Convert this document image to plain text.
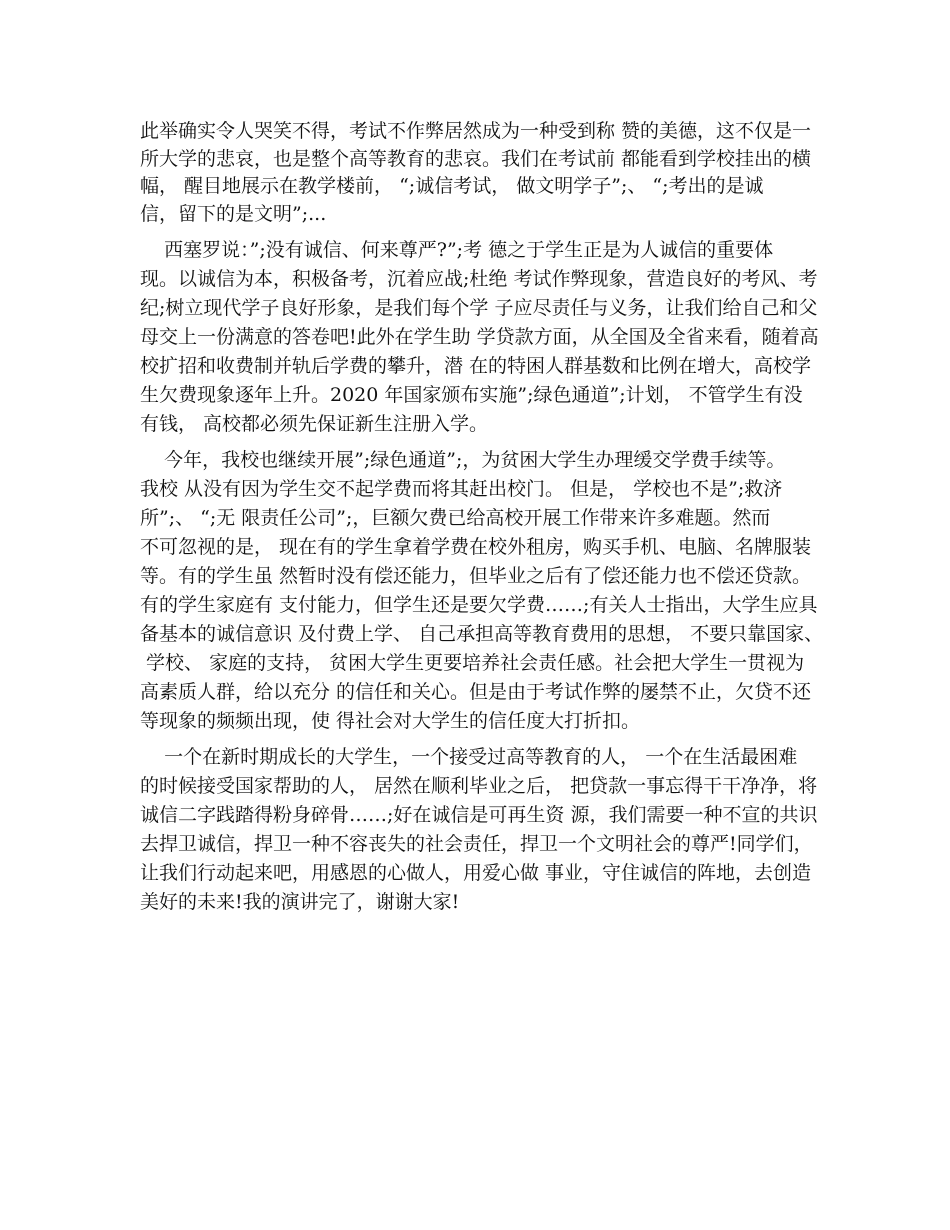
此举确实令人哭笑不得，考试不作弊居然成为一种受到称 赞的美德，这不仅是一
所大学的悲哀，也是整个高等教育的悲哀。我们在考试前 都能看到学校挂出的横
幅， 醒目地展示在教学楼前， “;诚信考试， 做文明学子”;、 “;考出的是诚
信，留下的是文明”;...
西塞罗说：”;没有诚信、何来尊严?”;考 德之于学生正是为人诚信的重要体
现。以诚信为本，积极备考，沉着应战;杜绝 考试作弊现象，营造良好的考风、考
纪;树立现代学子良好形象，是我们每个学 子应尽责任与义务，让我们给自己和父
母交上一份满意的答卷吧!此外在学生助 学贷款方面，从全国及全省来看，随着高
校扩招和收费制并轨后学费的攀升，潜 在的特困人群基数和比例在增大，高校学
生欠费现象逐年上升。2020 年国家颁布实施”;绿色通道”;计划， 不管学生有没
有钱， 高校都必须先保证新生注册入学。
今年，我校也继续开展”;绿色通道”;，为贫困大学生办理缓交学费手续等。
我校 从没有因为学生交不起学费而将其赶出校门。 但是， 学校也不是”;救济
所”;、 “;无 限责任公司”;，巨额欠费已给高校开展工作带来许多难题。然而
不可忽视的是， 现在有的学生拿着学费在校外租房，购买手机、电脑、名牌服装
等。有的学生虽 然暂时没有偿还能力，但毕业之后有了偿还能力也不偿还贷款。
有的学生家庭有 支付能力，但学生还是要欠学费……;有关人士指出，大学生应具
备基本的诚信意识 及付费上学、 自己承担高等教育费用的思想， 不要只靠国家、
学校、 家庭的支持， 贫困大学生更要培养社会责任感。社会把大学生一贯视为
高素质人群，给以充分 的信任和关心。但是由于考试作弊的屡禁不止，欠贷不还
等现象的频频出现，使 得社会对大学生的信任度大打折扣。
一个在新时期成长的大学生，一个接受过高等教育的人， 一个在生活最困难
的时候接受国家帮助的人， 居然在顺利毕业之后， 把贷款一事忘得干干净净，将
诚信二字践踏得粉身碎骨……;好在诚信是可再生资 源，我们需要一种不宣的共识
去捍卫诚信，捍卫一种不容丧失的社会责任，捍卫一个文明社会的尊严!同学们，
让我们行动起来吧，用感恩的心做人，用爱心做 事业，守住诚信的阵地，去创造
美好的未来!我的演讲完了，谢谢大家!
